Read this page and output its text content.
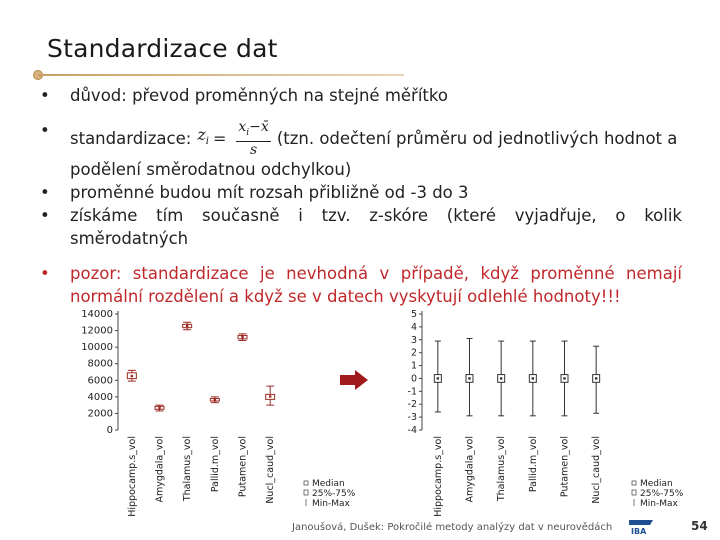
Standardizace dat
• důvod: převod proměnných na stejné měřítko
• standardizace: $z_i = \frac{x_i-x̄}{s} (tzn$. odečtení průměru od jednotlivých hodnot a
podělení směrodatnou odchylkou)
• proměnné budou mít rozsah přibližně od -3 do 3
• získáme tím současně i tzv. z-skóre (které vyjadřuje, o kolik směrodatných
• pozor: standardizace je nevhodná v případě, když proměnné nemají
normální rozdělení a když se v datech vyskytují odlehlé hodnoty!!!
14000
12000
10000
8000
6000
4000
2000
0
Hippocamp.s_vol Amygdala_vol Thalamus_vol Pallid.m_vol Putamen_vol Nucl_caud_vol	Median
25%-75%
Min-Max
5
4
3
2
1
0
-1
-2
-3
-4
Hippocamp.s_vol Amygdala_vol Thalamus_vol Pallid.m_vol Putamen_vol Nucl_caud_vol	Median
25%-75%
Min-Max
IBA
Janoušová, Dušek: Pokročilé metody analýzy dat v neurovědách	54
